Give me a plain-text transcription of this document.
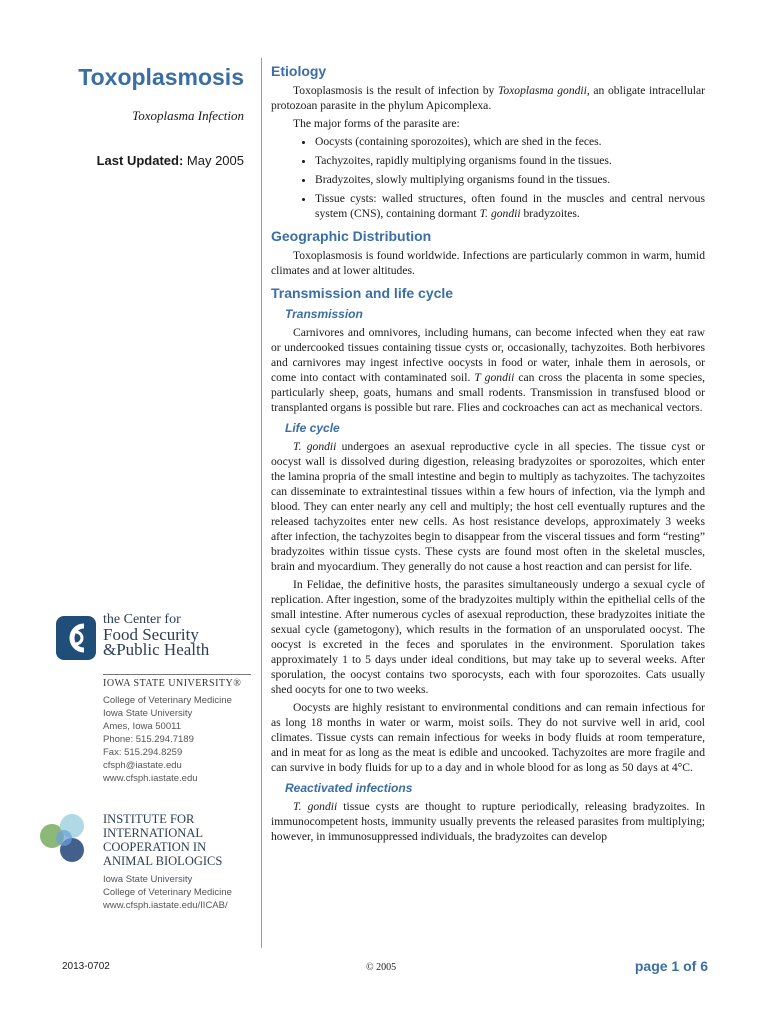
Toxoplasmosis
Toxoplasma Infection
Last Updated: May 2005
the Center for
Food Security
&Public Health
IOWA STATE UNIVERSITY®
College of Veterinary Medicine
Iowa State University
Ames, Iowa 50011
Phone: 515.294.7189
Fax: 515.294.8259
cfsph@iastate.edu
www.cfsph.iastate.edu
INSTITUTE FOR
INTERNATIONAL
COOPERATION IN
ANIMAL BIOLOGICS
Iowa State University
College of Veterinary Medicine
www.cfsph.iastate.edu/IICAB/
Etiology

Toxoplasmosis is the result of infection by Toxoplasma gondii, an obligate intracellular protozoan parasite in the phylum Apicomplexa.

The major forms of the parasite are:

• Oocysts (containing sporozoites), which are shed in the feces.
• Tachyzoites, rapidly multiplying organisms found in the tissues.
• Bradyzoites, slowly multiplying organisms found in the tissues.
• Tissue cysts: walled structures, often found in the muscles and central nervous system (CNS), containing dormant T. gondii bradyzoites.
Geographic Distribution

Toxoplasmosis is found worldwide. Infections are particularly common in warm, humid climates and at lower altitudes.

Transmission and life cycle
Transmission

Carnivores and omnivores, including humans, can become infected when they eat raw or undercooked tissues containing tissue cysts or, occasionally, tachyzoites. Both herbivores and carnivores may ingest infective oocysts in food or water, inhale them in aerosols, or come into contact with contaminated soil. T gondii can cross the placenta in some species, particularly sheep, goats, humans and small rodents. Transmission in transfused blood or transplanted organs is possible but rare. Flies and cockroaches can act as mechanical vectors.

Life cycle

T. gondii undergoes an asexual reproductive cycle in all species. The tissue cyst or oocyst wall is dissolved during digestion, releasing bradyzoites or sporozoites, which enter the lamina propria of the small intestine and begin to multiply as tachyzoites. The tachyzoites can disseminate to extraintestinal tissues within a few hours of infection, via the lymph and blood. They can enter nearly any cell and multiply; the host cell eventually ruptures and the released tachyzoites enter new cells. As host resistance develops, approximately 3 weeks after infection, the tachyzoites begin to disappear from the visceral tissues and form “resting” bradyzoites within tissue cysts. These cysts are found most often in the skeletal muscles, brain and myocardium. They generally do not cause a host reaction and can persist for life.

In Felidae, the definitive hosts, the parasites simultaneously undergo a sexual cycle of replication. After ingestion, some of the bradyzoites multiply within the epithelial cells of the small intestine. After numerous cycles of asexual reproduction, these bradyzoites initiate the sexual cycle (gametogony), which results in the formation of an unsporulated oocyst. The oocyst is excreted in the feces and sporulates in the environment. Sporulation takes approximately 1 to 5 days under ideal conditions, but may take up to several weeks. After sporulation, the oocyst contains two sporocysts, each with four sporozoites. Cats usually shed oocyts for one to two weeks.

Oocysts are highly resistant to environmental conditions and can remain infectious for as long 18 months in water or warm, moist soils. They do not survive well in arid, cool climates. Tissue cysts can remain infectious for weeks in body fluids at room temperature, and in meat for as long as the meat is edible and uncooked. Tachyzoites are more fragile and can survive in body fluids for up to a day and in whole blood for as long as 50 days at 4°C.

Reactivated infections

T. gondii tissue cysts are thought to rupture periodically, releasing bradyzoites. In immunocompetent hosts, immunity usually prevents the released parasites from multiplying; however, in immunosuppressed individuals, the bradyzoites can develop

2013-0702	© 2005	page 1 of 6
